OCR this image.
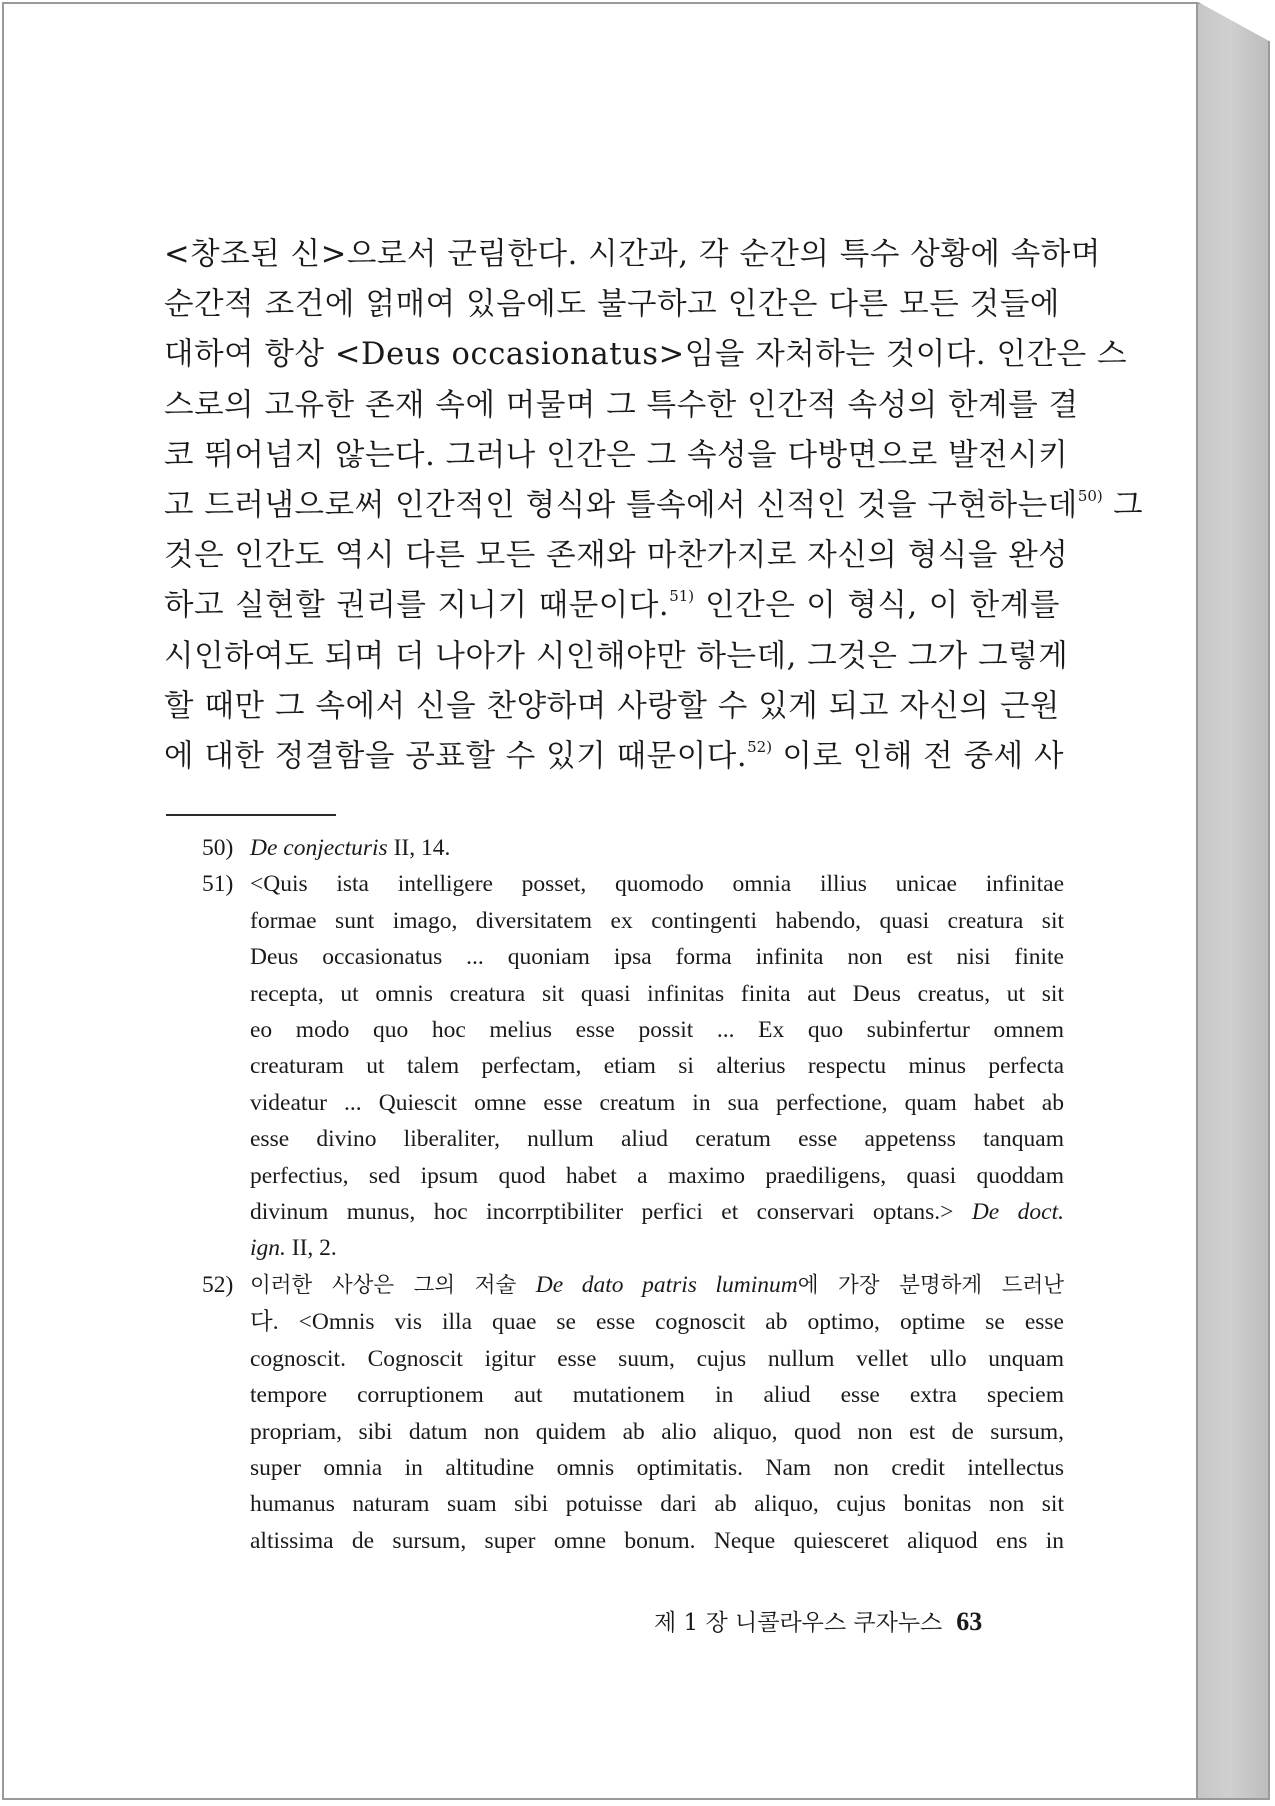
<창조된 신>으로서 군림한다. 시간과, 각 순간의 특수 상황에 속하며
순간적 조건에 얽매여 있음에도 불구하고 인간은 다른 모든 것들에
대하여 항상 <Deus occasionatus>임을 자처하는 것이다. 인간은 스
스로의 고유한 존재 속에 머물며 그 특수한 인간적 속성의 한계를 결
코 뛰어넘지 않는다. 그러나 인간은 그 속성을 다방면으로 발전시키
고 드러냄으로써 인간적인 형식와 틀속에서 신적인 것을 구현하는데$^{50)}$ 그
것은 인간도 역시 다른 모든 존재와 마찬가지로 자신의 형식을 완성
하고 실현할 권리를 지니기 때문이다.$^{51)}$ 인간은 이 형식, 이 한계를
시인하여도 되며 더 나아가 시인해야만 하는데, 그것은 그가 그렇게
할 때만 그 속에서 신을 찬양하며 사랑할 수 있게 되고 자신의 근원
에 대한 정결함을 공표할 수 있기 때문이다.$^{52)}$ 이로 인해 전 중세 사
50) De conjecturis II, 14.
51) <Quis ista intelligere posset, quomodo omnia illius unicae infinitae
formae sunt imago, diversitatem ex contingenti habendo, quasi creatura sit
Deus occasionatus ... quoniam ipsa forma infinita non est nisi finite
recepta, ut omnis creatura sit quasi infinitas finita aut Deus creatus, ut sit
eo modo quo hoc melius esse possit ... Ex quo subinfertur omnem
creaturam ut talem perfectam, etiam si alterius respectu minus perfecta
videatur ... Quiescit omne esse creatum in sua perfectione, quam habet ab
esse divino liberaliter, nullum aliud ceratum esse appetenss tanquam
perfectius, sed ipsum quod habet a maximo praediligens, quasi quoddam
divinum munus, hoc incorrptibiliter perfici et conservari optans.> De doct.
ign. II, 2.
52) 이러한 사상은 그의 저술 De dato patris luminum에 가장 분명하게 드러난
다. <Omnis vis illa quae se esse cognoscit ab optimo, optime se esse
cognoscit. Cognoscit igitur esse suum, cujus nullum vellet ullo unquam
tempore corruptionem aut mutationem in aliud esse extra speciem
propriam, sibi datum non quidem ab alio aliquo, quod non est de sursum,
super omnia in altitudine omnis optimitatis. Nam non credit intellectus
humanus naturam suam sibi potuisse dari ab aliquo, cujus bonitas non sit
altissima de sursum, super omne bonum. Neque quiesceret aliquod ens in
제 1 장 니콜라우스 쿠자누스 63
